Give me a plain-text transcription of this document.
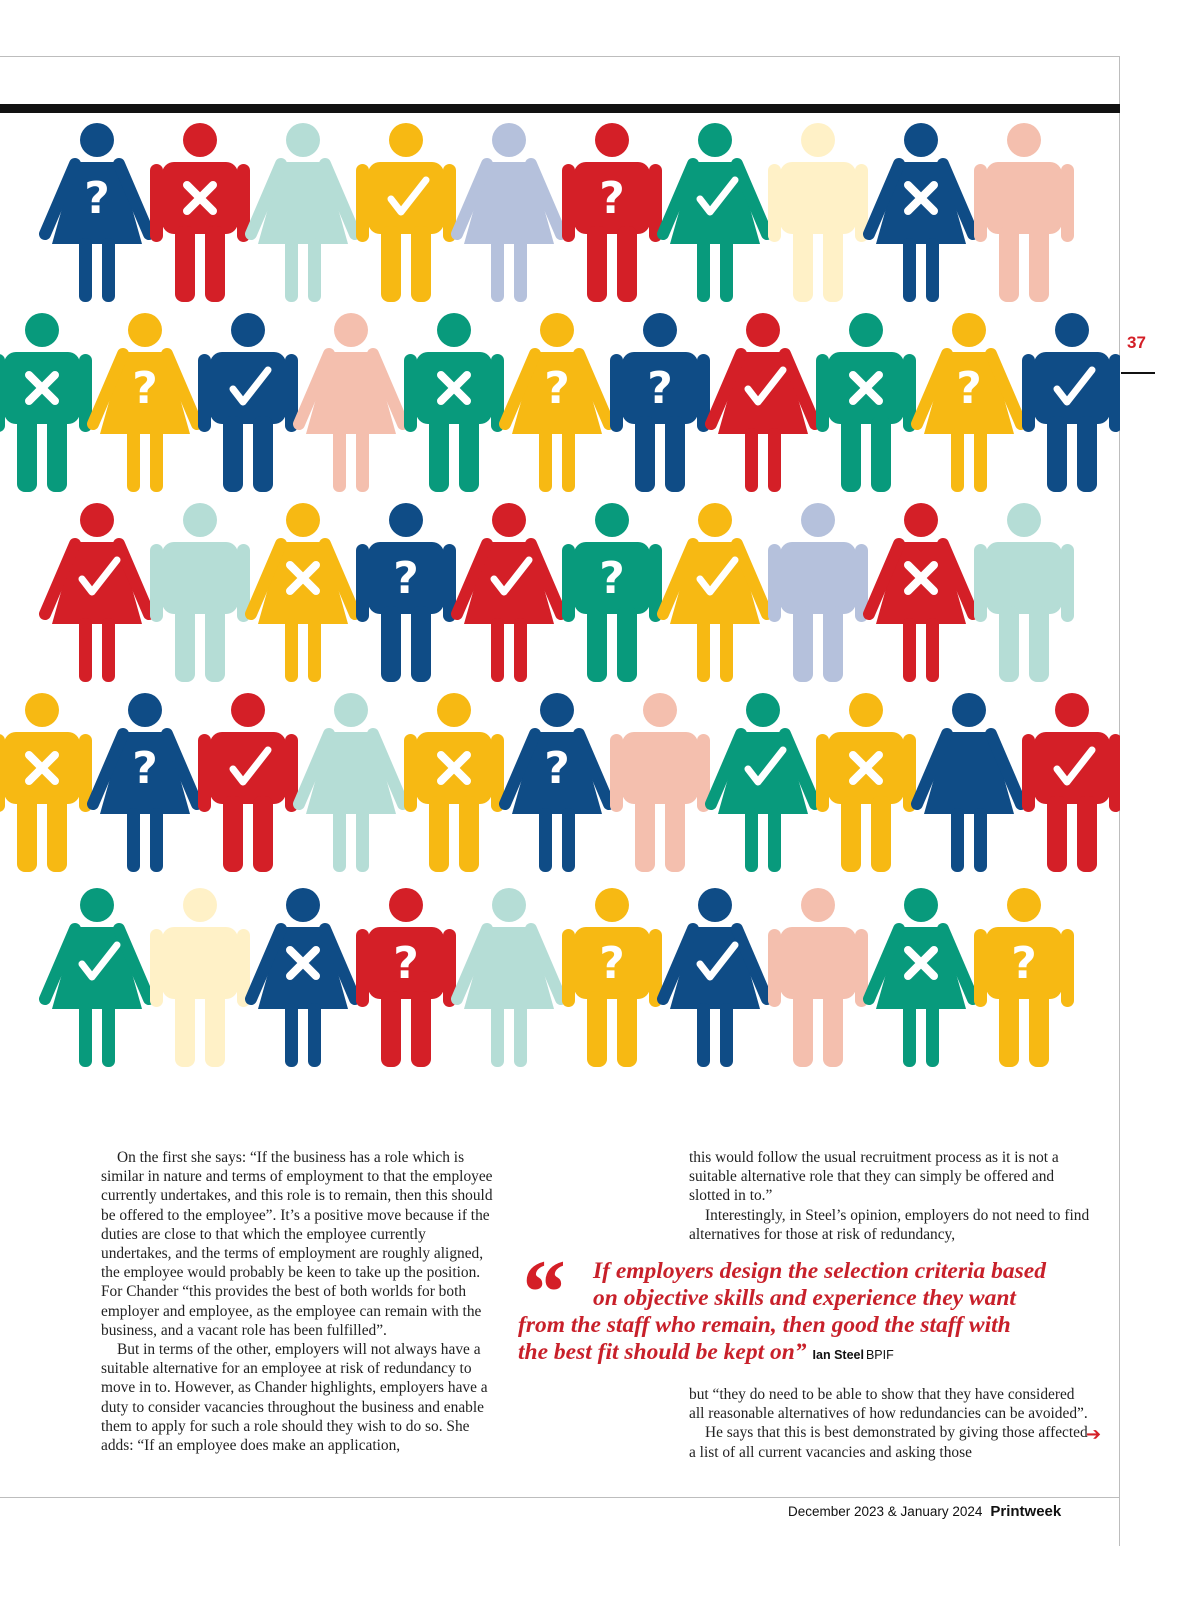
37
?	?
?	? ?	?
?	?
?	?
?	?	?

On the first she says: “If the business has a role which is similar in nature and terms of employment to that the employee currently undertakes, and this role is to remain, then this should be offered to the employee”. It’s a positive move because if the duties are close to that which the employee currently undertakes, and the terms of employment are roughly aligned, the employee would probably be keen to take up the position. For Chander “this provides the best of both worlds for both employer and employee, as the employee can remain with the business, and a vacant role has been fulfilled”.

But in terms of the other, employers will not always have a suitable alternative for an employee at risk of redundancy to move in to. However, as Chander highlights, employers have a duty to consider vacancies throughout the business and enable them to apply for such a role should they wish to do so. She adds: “If an employee does make an application,

this would follow the usual recruitment process as it is not a suitable alternative role that they can simply be offered and slotted in to.”

Interestingly, in Steel’s opinion, employers do not need to find alternatives for those at risk of redundancy,

“	If employers design the selection criteria based
on objective skills and experience they want
from the staff who remain, then good the staff with
the best fit should be kept on” Ian Steel BPIF

but “they do need to be able to show that they have considered all reasonable alternatives of how redundancies can be avoided”.

He says that this is best demonstrated by giving those affected a list of all current vacancies and asking those

➔
December 2023 & January 2024 Printweek
